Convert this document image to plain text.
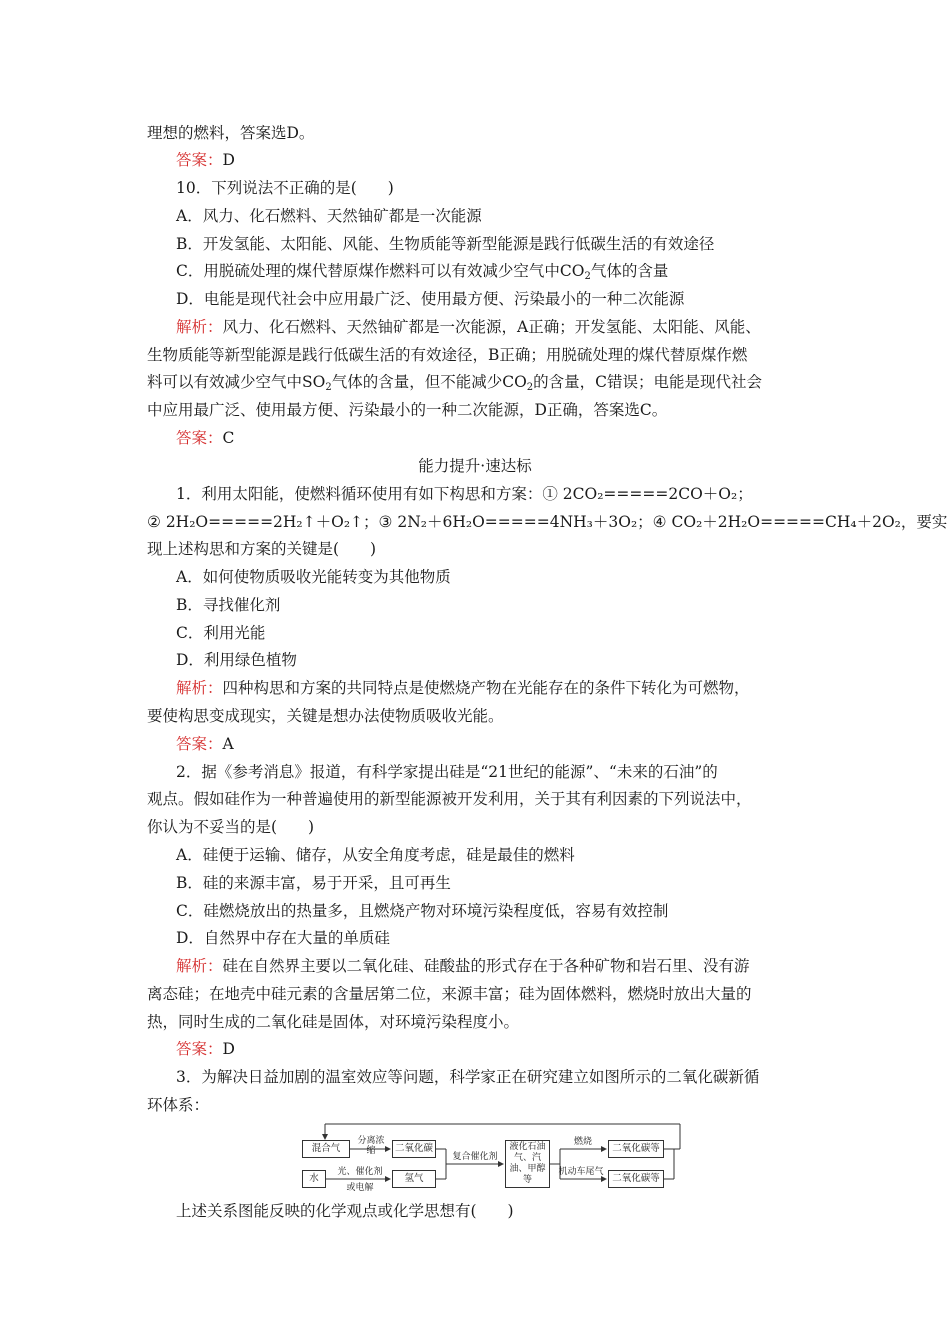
理想的燃料，答案选D。
答案：D
10．下列说法不正确的是(　　)
A．风力、化石燃料、天然铀矿都是一次能源
B．开发氢能、太阳能、风能、生物质能等新型能源是践行低碳生活的有效途径
C．用脱硫处理的煤代替原煤作燃料可以有效减少空气中$CO_2$气体的含量
D．电能是现代社会中应用最广泛、使用最方便、污染最小的一种二次能源
解析：风力、化石燃料、天然铀矿都是一次能源，A正确；开发氢能、太阳能、风能、
生物质能等新型能源是践行低碳生活的有效途径，B正确；用脱硫处理的煤代替原煤作燃
料可以有效减少空气中$SO_2$气体的含量，但不能减少$CO_2$的含量，C错误；电能是现代社会
中应用最广泛、使用最方便、污染最小的一种二次能源，D正确，答案选C。
答案：C
能力提升·速达标
1．利用太阳能，使燃料循环使用有如下构思和方案：① 2CO₂=====2CO＋O₂；
② 2H₂O=====2H₂↑＋O₂↑；③ 2N₂＋6H₂O=====4NH₃＋3O₂；④ CO₂＋2H₂O=====CH₄＋2O₂，要实
现上述构思和方案的关键是(　　)
A．如何使物质吸收光能转变为其他物质
B．寻找催化剂
C．利用光能
D．利用绿色植物
解析：四种构思和方案的共同特点是使燃烧产物在光能存在的条件下转化为可燃物，
要使构思变成现实，关键是想办法使物质吸收光能。
答案：A
2．据《参考消息》报道，有科学家提出硅是“21世纪的能源”、“未来的石油”的
观点。假如硅作为一种普遍使用的新型能源被开发利用，关于其有利因素的下列说法中，
你认为不妥当的是(　　)
A．硅便于运输、储存，从安全角度考虑，硅是最佳的燃料
B．硅的来源丰富，易于开采，且可再生
C．硅燃烧放出的热量多，且燃烧产物对环境污染程度低，容易有效控制
D．自然界中存在大量的单质硅
解析：硅在自然界主要以二氧化硅、硅酸盐的形式存在于各种矿物和岩石里、没有游
离态硅；在地壳中硅元素的含量居第二位，来源丰富；硅为固体燃料，燃烧时放出大量的
热，同时生成的二氧化硅是固体，对环境污染程度小。
答案：D
3．为解决日益加剧的温室效应等问题，科学家正在研究建立如图所示的二氧化碳新循
环体系：
混合气
水
二氧化碳
氢气
液化石油气、汽油、甲醇等
二氧化碳等
二氧化碳等
分离浓缩
光、催化剂
或电解
复合催化剂
燃烧
机动车尾气
上述关系图能反映的化学观点或化学思想有(　　)
